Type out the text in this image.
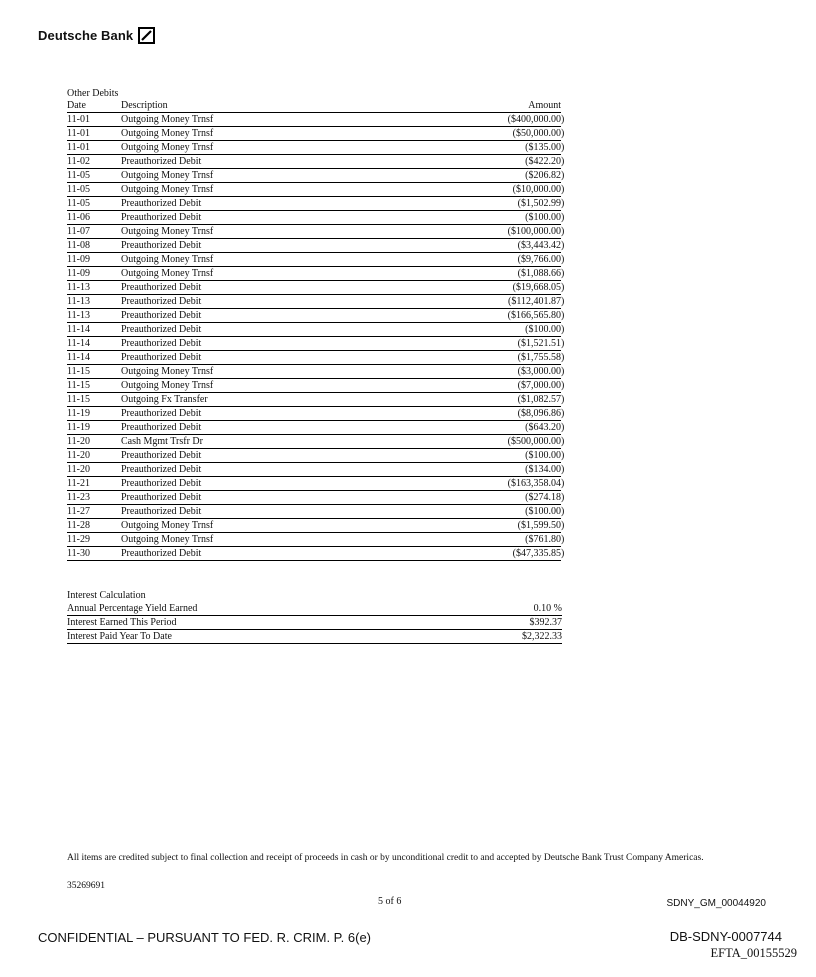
Deutsche Bank
Other Debits
Date	Description	Amount
11-01	Outgoing Money Trnsf	($400,000.00)
11-01	Outgoing Money Trnsf	($50,000.00)
11-01	Outgoing Money Trnsf	($135.00)
11-02	Preauthorized Debit	($422.20)
11-05	Outgoing Money Trnsf	($206.82)
11-05	Outgoing Money Trnsf	($10,000.00)
11-05	Preauthorized Debit	($1,502.99)
11-06	Preauthorized Debit	($100.00)
11-07	Outgoing Money Trnsf	($100,000.00)
11-08	Preauthorized Debit	($3,443.42)
11-09	Outgoing Money Trnsf	($9,766.00)
11-09	Outgoing Money Trnsf	($1,088.66)
11-13	Preauthorized Debit	($19,668.05)
11-13	Preauthorized Debit	($112,401.87)
11-13	Preauthorized Debit	($166,565.80)
11-14	Preauthorized Debit	($100.00)
11-14	Preauthorized Debit	($1,521.51)
11-14	Preauthorized Debit	($1,755.58)
11-15	Outgoing Money Trnsf	($3,000.00)
11-15	Outgoing Money Trnsf	($7,000.00)
11-15	Outgoing Fx Transfer	($1,082.57)
11-19	Preauthorized Debit	($8,096.86)
11-19	Preauthorized Debit	($643.20)
11-20	Cash Mgmt Trsfr Dr	($500,000.00)
11-20	Preauthorized Debit	($100.00)
11-20	Preauthorized Debit	($134.00)
11-21	Preauthorized Debit	($163,358.04)
11-23	Preauthorized Debit	($274.18)
11-27	Preauthorized Debit	($100.00)
11-28	Outgoing Money Trnsf	($1,599.50)
11-29	Outgoing Money Trnsf	($761.80)
11-30	Preauthorized Debit	($47,335.85)
Interest Calculation
Annual Percentage Yield Earned	0.10 %
Interest Earned This Period	$392.37
Interest Paid Year To Date	$2,322.33
All items are credited subject to final collection and receipt of proceeds in cash or by unconditional credit to and accepted by Deutsche Bank Trust Company Americas.
35269691
5 of 6	SDNY_GM_00044920
CONFIDENTIAL – PURSUANT TO FED. R. CRIM. P. 6(e)	DB-SDNY-0007744
EFTA_00155529
